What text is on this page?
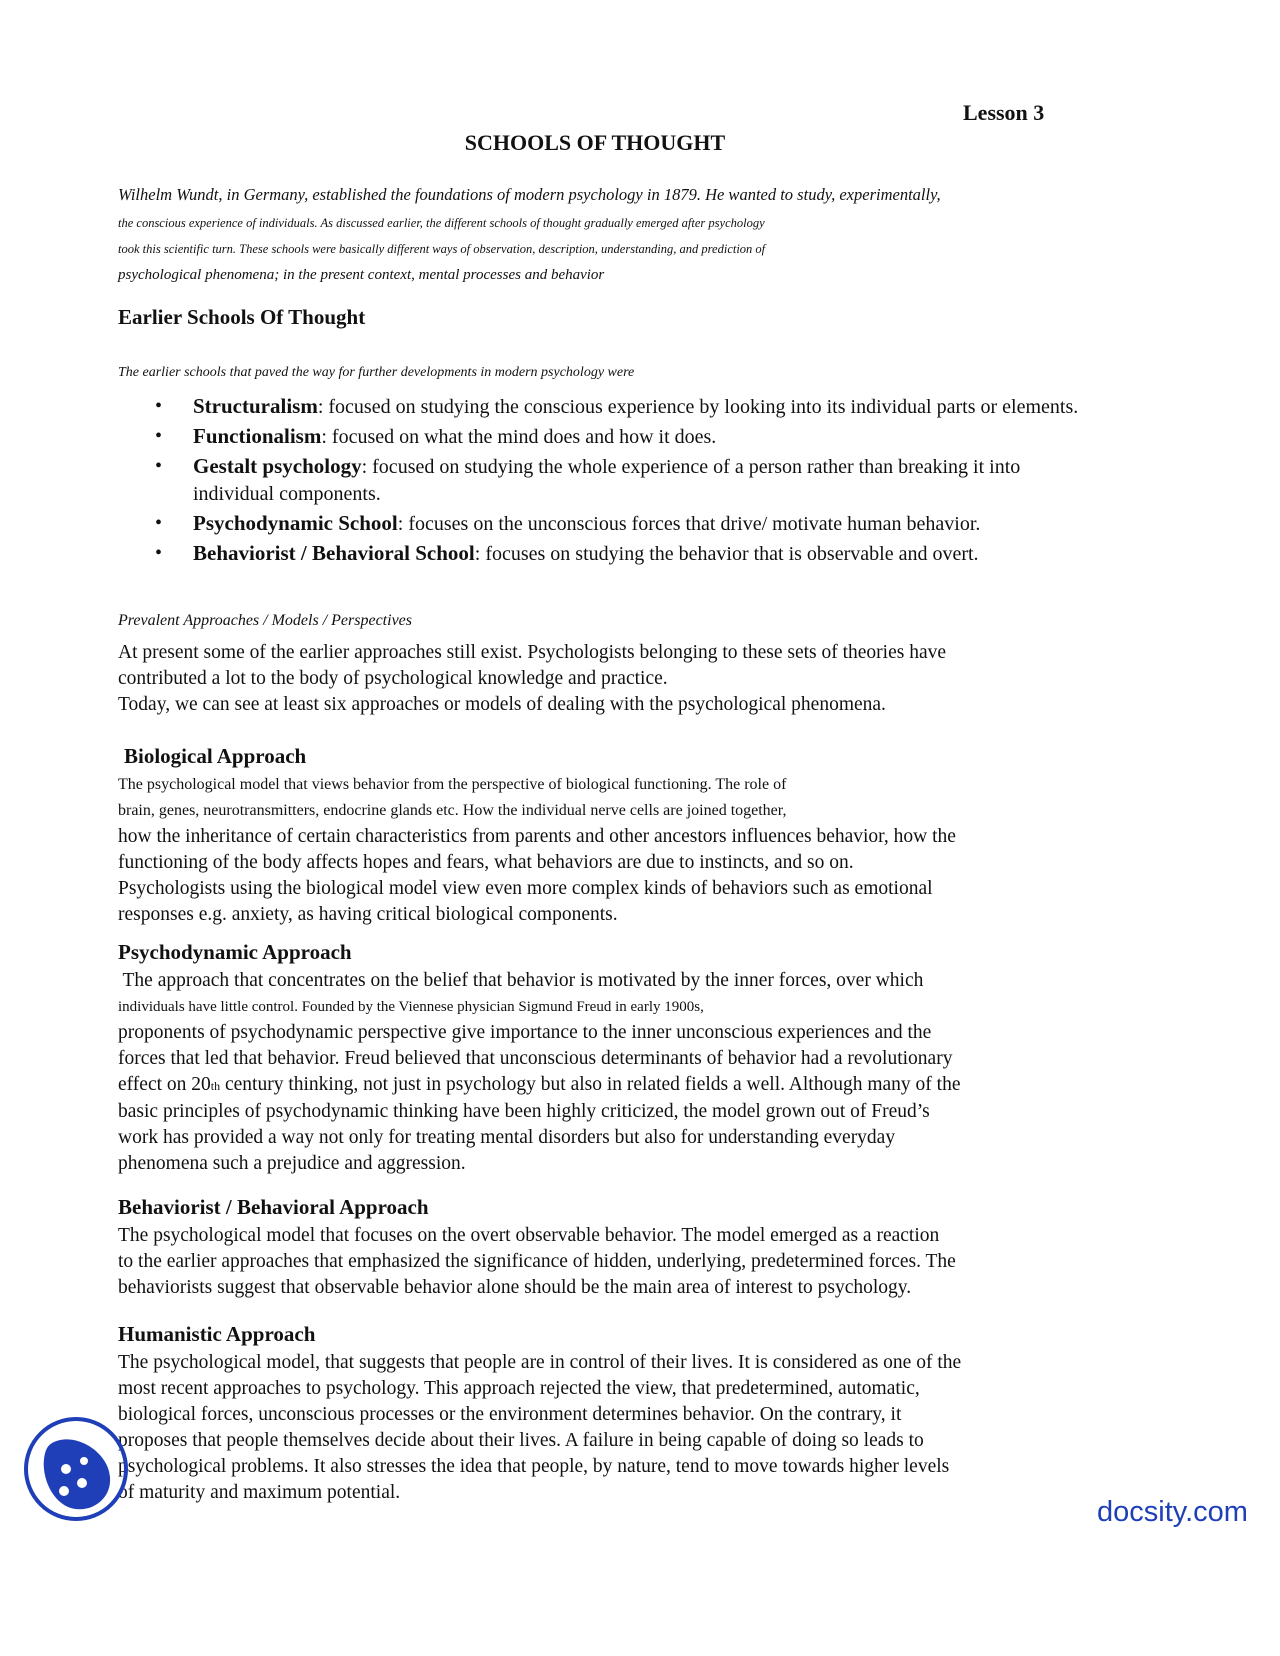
Lesson 3
SCHOOLS OF THOUGHT
Wilhelm Wundt, in Germany, established the foundations of modern psychology in 1879. He wanted to study, experimentally,
the conscious experience of individuals. As discussed earlier, the different schools of thought gradually emerged after psychology
took this scientific turn. These schools were basically different ways of observation, description, understanding, and prediction of
psychological phenomena; in the present context, mental processes and behavior
Earlier Schools Of Thought
The earlier schools that paved the way for further developments in modern psychology were
• Structuralism: focused on studying the conscious experience by looking into its individual parts or elements.
• Functionalism: focused on what the mind does and how it does.
• Gestalt psychology: focused on studying the whole experience of a person rather than breaking it into individual components.
• Psychodynamic School: focuses on the unconscious forces that drive/ motivate human behavior.
• Behaviorist / Behavioral School: focuses on studying the behavior that is observable and overt.
Prevalent Approaches / Models / Perspectives
At present some of the earlier approaches still exist. Psychologists belonging to these sets of theories have
contributed a lot to the body of psychological knowledge and practice.
Today, we can see at least six approaches or models of dealing with the psychological phenomena.
Biological Approach
The psychological model that views behavior from the perspective of biological functioning. The role of
brain, genes, neurotransmitters, endocrine glands etc. How the individual nerve cells are joined together,
how the inheritance of certain characteristics from parents and other ancestors influences behavior, how the
functioning of the body affects hopes and fears, what behaviors are due to instincts, and so on.
Psychologists using the biological model view even more complex kinds of behaviors such as emotional
responses e.g. anxiety, as having critical biological components.
Psychodynamic Approach
The approach that concentrates on the belief that behavior is motivated by the inner forces, over which
individuals have little control. Founded by the Viennese physician Sigmund Freud in early 1900s,
proponents of psychodynamic perspective give importance to the inner unconscious experiences and the
forces that led that behavior. Freud believed that unconscious determinants of behavior had a revolutionary
effect on 20th century thinking, not just in psychology but also in related fields a well. Although many of the
basic principles of psychodynamic thinking have been highly criticized, the model grown out of Freud’s
work has provided a way not only for treating mental disorders but also for understanding everyday
phenomena such a prejudice and aggression.
Behaviorist / Behavioral Approach
The psychological model that focuses on the overt observable behavior. The model emerged as a reaction
to the earlier approaches that emphasized the significance of hidden, underlying, predetermined forces. The
behaviorists suggest that observable behavior alone should be the main area of interest to psychology.
Humanistic Approach
The psychological model, that suggests that people are in control of their lives. It is considered as one of the
most recent approaches to psychology. This approach rejected the view, that predetermined, automatic,
biological forces, unconscious processes or the environment determines behavior. On the contrary, it
proposes that people themselves decide about their lives. A failure in being capable of doing so leads to
psychological problems. It also stresses the idea that people, by nature, tend to move towards higher levels
of maturity and maximum potential.
docsity.com
